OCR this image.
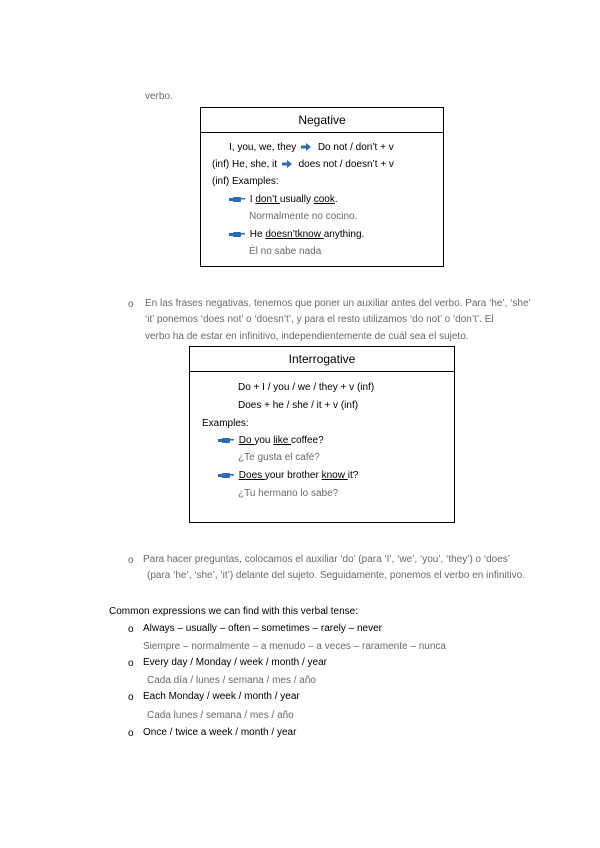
verbo.
Negative
I, you, we, they Do not / don’t + v
(inf) He, she, it does not / doesn’t + v
(inf) Examples:
I don’t usually cook.
Normalmente no cocino.
He doesn’tknow anything.
Él no sabe nada
o En las frases negativas, tenemos que poner un auxiliar antes del verbo. Para ‘he’, ‘she’
‘it’ ponemos ‘does not’ o ‘doesn’t’, y para el resto utilizamos ‘do not’ o ‘don’t’. El
verbo ha de estar en infinitivo, independientemente de cuál sea el sujeto.
Interrogative
Do + I / you / we / they + v (inf)
Does + he / she / it + v (inf)
Examples:
Do you like coffee?
¿Te gusta el café?
Does your brother know it?
¿Tu hermano lo sabe?
o Para hacer preguntas, colocamos el auxiliar ‘do’ (para ‘I’, ‘we’, ‘you’, ‘they’) o ‘does’
(para ‘he’, ‘she’, ‘it’) delante del sujeto. Seguidamente, ponemos el verbo en infinitivo.
Common expressions we can find with this verbal tense:
o Always – usually – often – sometimes – rarely – never
Siempre – normalmente – a menudo – a veces – raramente – nunca
o Every day / Monday / week / month / year
Cada día / lunes / semana / mes / año
o Each Monday / week / month / year
Cada lunes / semana / mes / año
o Once / twice a week / month / year
